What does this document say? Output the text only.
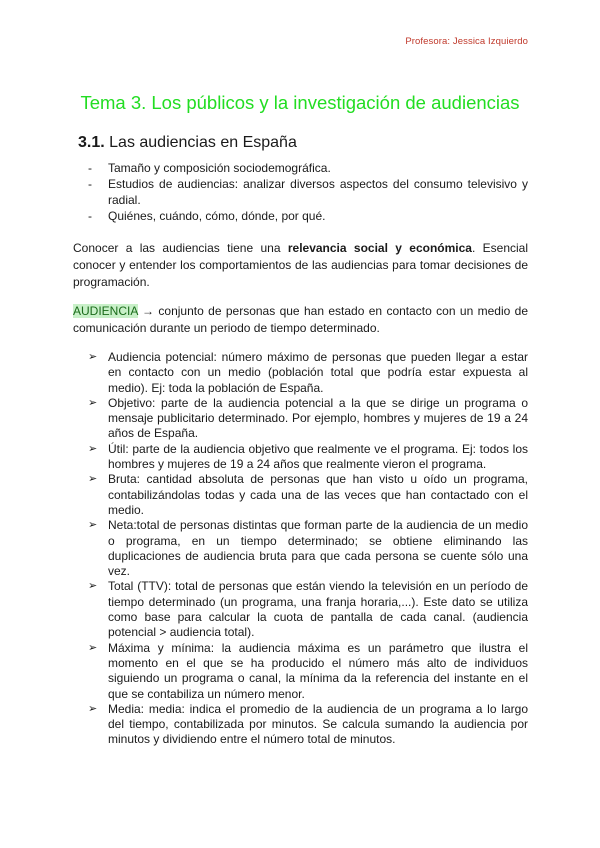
Profesora: Jessica Izquierdo
Tema 3. Los públicos y la investigación de audiencias
3.1. Las audiencias en España
- Tamaño y composición sociodemográfica.
- Estudios de audiencias: analizar diversos aspectos del consumo televisivo y radial.
- Quiénes, cuándo, cómo, dónde, por qué.

Conocer a las audiencias tiene una relevancia social y económica. Esencial conocer y entender los comportamientos de las audiencias para tomar decisiones de programación.

AUDIENCIA → conjunto de personas que han estado en contacto con un medio de comunicación durante un periodo de tiempo determinado.

➢ Audiencia potencial: número máximo de personas que pueden llegar a estar en contacto con un medio (población total que podría estar expuesta al medio). Ej: toda la población de España.
➢ Objetivo: parte de la audiencia potencial a la que se dirige un programa o mensaje publicitario determinado. Por ejemplo, hombres y mujeres de 19 a 24 años de España.
➢ Útil: parte de la audiencia objetivo que realmente ve el programa. Ej: todos los hombres y mujeres de 19 a 24 años que realmente vieron el programa.
➢ Bruta: cantidad absoluta de personas que han visto u oído un programa, contabilizándolas todas y cada una de las veces que han contactado con el medio.
➢ Neta:total de personas distintas que forman parte de la audiencia de un medio o programa, en un tiempo determinado; se obtiene eliminando las duplicaciones de audiencia bruta para que cada persona se cuente sólo una vez.
➢ Total (TTV): total de personas que están viendo la televisión en un período de tiempo determinado (un programa, una franja horaria,...). Este dato se utiliza como base para calcular la cuota de pantalla de cada canal. (audiencia potencial > audiencia total).
➢ Máxima y mínima: la audiencia máxima es un parámetro que ilustra el momento en el que se ha producido el número más alto de individuos siguiendo un programa o canal, la mínima da la referencia del instante en el que se contabiliza un número menor.
➢ Media: media: indica el promedio de la audiencia de un programa a lo largo del tiempo, contabilizada por minutos. Se calcula sumando la audiencia por minutos y dividiendo entre el número total de minutos.
